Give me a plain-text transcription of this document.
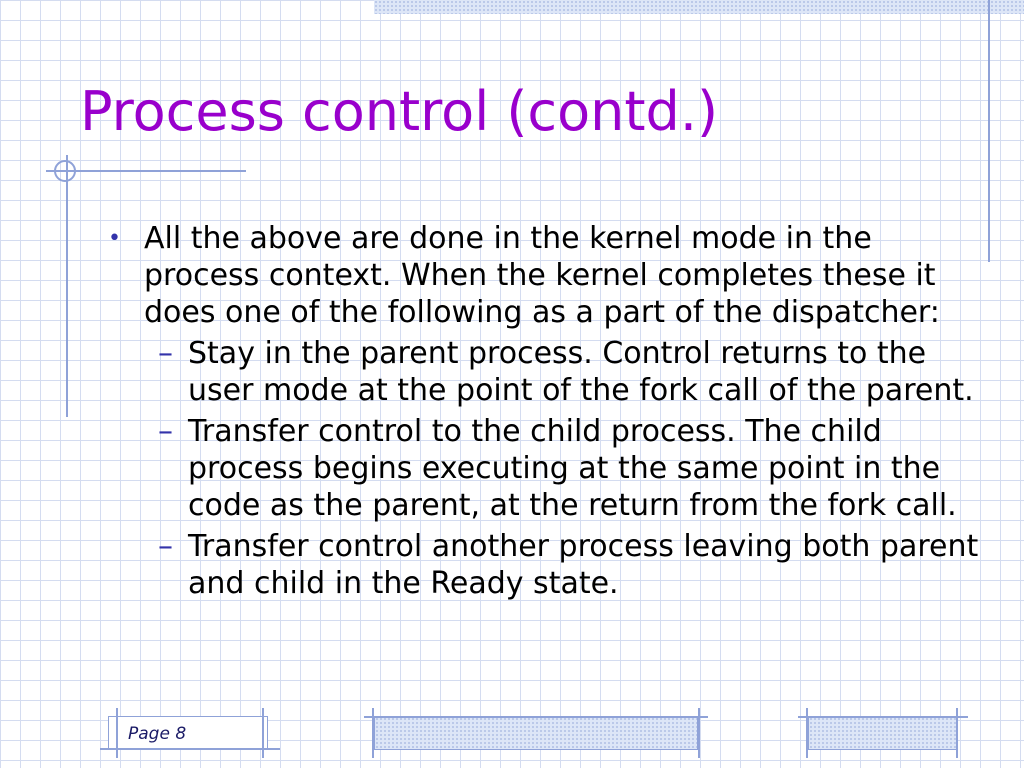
Process control (contd.)
• All the above are done in the kernel mode in the process context. When the kernel completes these it does one of the following as a part of the dispatcher:
– Stay in the parent process. Control returns to the user mode at the point of the fork call of the parent.
– Transfer control to the child process. The child process begins executing at the same point in the code as the parent, at the return from the fork call.
– Transfer control another process leaving both parent and child in the Ready state.
Page 8
